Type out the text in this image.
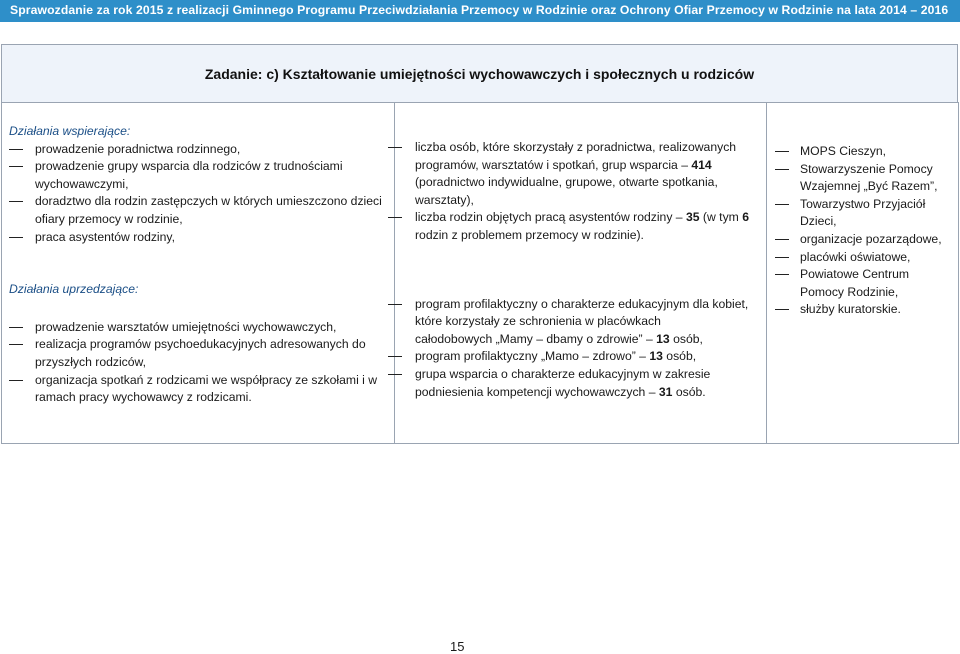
Sprawozdanie za rok 2015 z realizacji Gminnego Programu Przeciwdziałania Przemocy w Rodzinie oraz Ochrony Ofiar Przemocy w Rodzinie na lata 2014 – 2016
Zadanie: c) Kształtowanie umiejętności wychowawczych i społecznych u rodziców
Działania wspierające:
prowadzenie poradnictwa rodzinnego,
prowadzenie grupy wsparcia dla rodziców z trudnościami wychowawczymi,
doradztwo dla rodzin zastępczych w których umieszczono dzieci ofiary przemocy w rodzinie,
praca asystentów rodziny,
Działania uprzedzające:
prowadzenie warsztatów umiejętności wychowawczych,
realizacja programów psychoedukacyjnych adresowanych do przyszłych rodziców,
organizacja spotkań z rodzicami we współpracy ze szkołami i w ramach pracy wychowawcy z rodzicami.

liczba osób, które skorzystały z poradnictwa, realizowanych programów, warsztatów i spotkań, grup wsparcia – 414 (poradnictwo indywidualne, grupowe, otwarte spotkania, warsztaty),
liczba rodzin objętych pracą asystentów rodziny – 35 (w tym 6 rodzin z problemem przemocy w rodzinie).
program profilaktyczny o charakterze edukacyjnym dla kobiet, które korzystały ze schronienia w placówkach
całodobowych „Mamy – dbamy o zdrowie” – 13 osób,
program profilaktyczny „Mamo – zdrowo” – 13 osób,
grupa wsparcia o charakterze edukacyjnym w zakresie podniesienia kompetencji wychowawczych – 31 osób.

MOPS Cieszyn,
Stowarzyszenie Pomocy Wzajemnej „Być Razem”,
Towarzystwo Przyjaciół Dzieci,
organizacje pozarządowe,
placówki oświatowe,
Powiatowe Centrum Pomocy Rodzinie,
służby kuratorskie.
15
